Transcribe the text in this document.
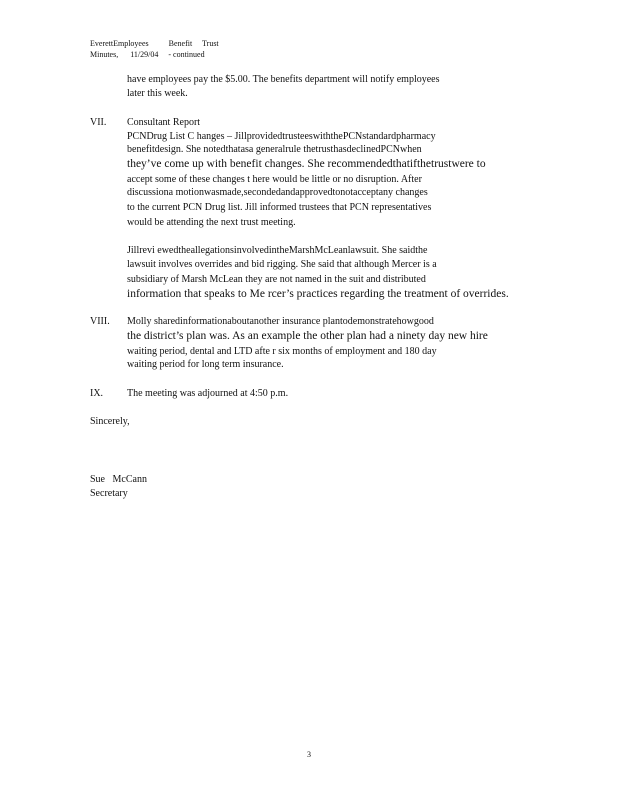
EverettEmployees          Benefit     Trust
Minutes,      11/29/04     - continued
have employees pay the $5.00. The benefits department will notify employees
later this week.
VII. Consultant Report
PCNDrug List C hanges – JillprovidedtrusteeswiththePCNstandardpharmacy
benefitdesign. She notedthatasa generalrule thetrusthasdeclinedPCNwhen
they’ve come up with benefit changes. She recommendedthatifthetrustwere to
accept some of these changes t here would be little or no disruption. After
discussiona motionwasmade,secondedandapprovedtonotacceptany changes
to the current PCN Drug list. Jill informed trustees that PCN representatives
would be attending the next trust meeting.
Jillrevi ewedtheallegationsinvolvedintheMarshMcLeanlawsuit. She saidthe
lawsuit involves overrides and bid rigging. She said that although Mercer is a
subsidiary of Marsh McLean they are not named in the suit and distributed
information that speaks to Me rcer’s practices regarding the treatment of overrides.
VIII. Molly sharedinformationaboutanother insurance plantodemonstratehowgood
the district’s plan was. As an example the other plan had a ninety day new hire
waiting period, dental and LTD afte r six months of employment and 180 day
waiting period for long term insurance.
IX. The meeting was adjourned at 4:50 p.m.
Sincerely,
Sue   McCann
Secretary
3
